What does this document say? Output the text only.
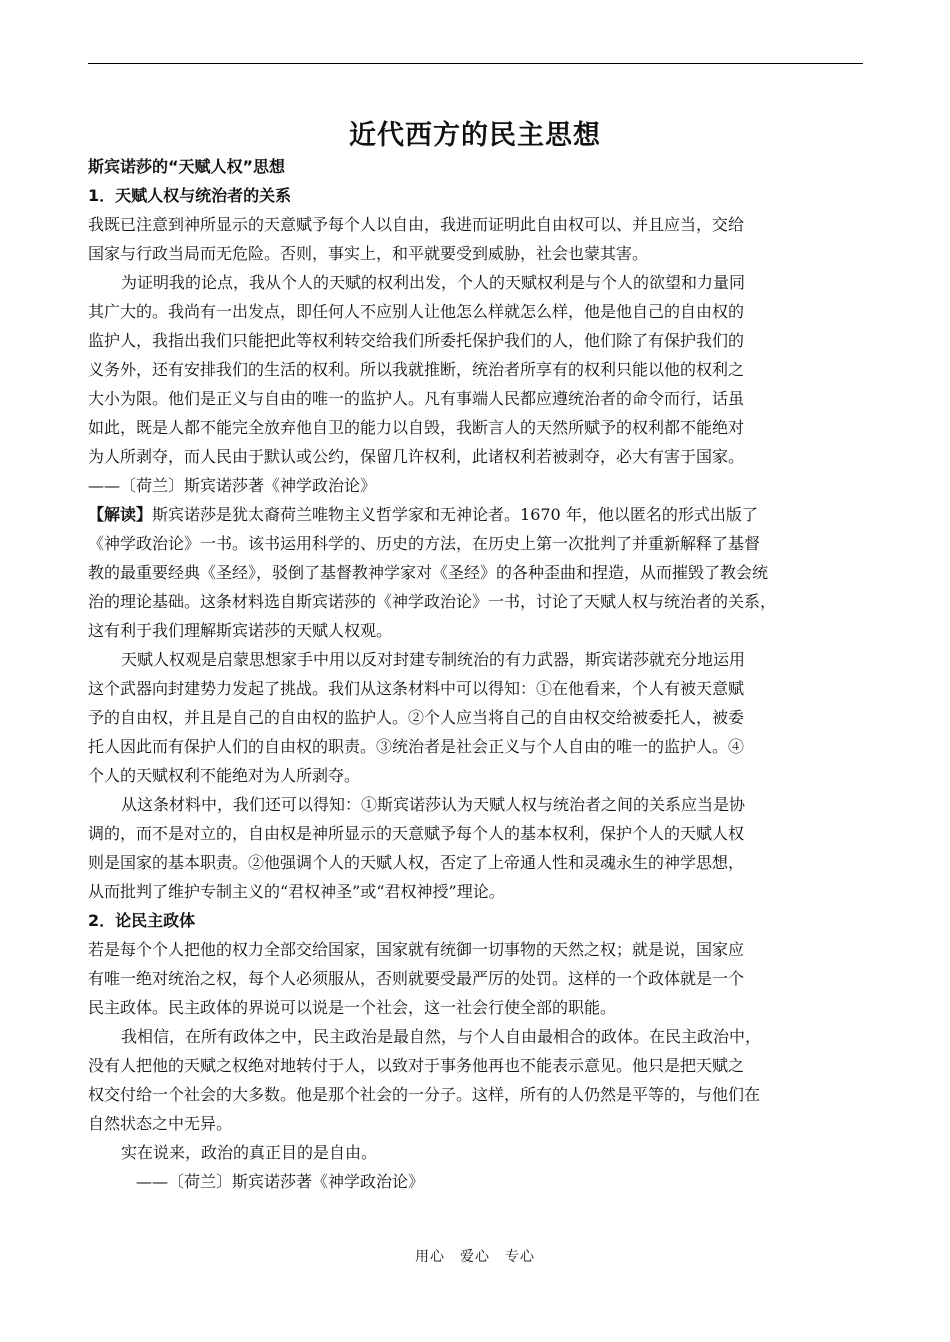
近代西方的民主思想
斯宾诺莎的“天赋人权”思想
1．天赋人权与统治者的关系
我既已注意到神所显示的天意赋予每个人以自由，我进而证明此自由权可以、并且应当，交给
国家与行政当局而无危险。否则，事实上，和平就要受到威胁，社会也蒙其害。
为证明我的论点，我从个人的天赋的权利出发，个人的天赋权利是与个人的欲望和力量同
其广大的。我尚有一出发点，即任何人不应别人让他怎么样就怎么样，他是他自己的自由权的
监护人，我指出我们只能把此等权利转交给我们所委托保护我们的人，他们除了有保护我们的
义务外，还有安排我们的生活的权利。所以我就推断，统治者所享有的权利只能以他的权利之
大小为限。他们是正义与自由的唯一的监护人。凡有事端人民都应遵统治者的命令而行，话虽
如此，既是人都不能完全放弃他自卫的能力以自毁，我断言人的天然所赋予的权利都不能绝对
为人所剥夺，而人民由于默认或公约，保留几许权利，此诸权利若被剥夺，必大有害于国家。
——〔荷兰〕斯宾诺莎著《神学政治论》
【解读】斯宾诺莎是犹太裔荷兰唯物主义哲学家和无神论者。1670 年，他以匿名的形式出版了
《神学政治论》一书。该书运用科学的、历史的方法，在历史上第一次批判了并重新解释了基督
教的最重要经典《圣经》，驳倒了基督教神学家对《圣经》的各种歪曲和捏造，从而摧毁了教会统
治的理论基础。这条材料选自斯宾诺莎的《神学政治论》一书，讨论了天赋人权与统治者的关系，
这有利于我们理解斯宾诺莎的天赋人权观。
天赋人权观是启蒙思想家手中用以反对封建专制统治的有力武器，斯宾诺莎就充分地运用
这个武器向封建势力发起了挑战。我们从这条材料中可以得知：①在他看来，个人有被天意赋
予的自由权，并且是自己的自由权的监护人。②个人应当将自己的自由权交给被委托人，被委
托人因此而有保护人们的自由权的职责。③统治者是社会正义与个人自由的唯一的监护人。④
个人的天赋权利不能绝对为人所剥夺。
从这条材料中，我们还可以得知：①斯宾诺莎认为天赋人权与统治者之间的关系应当是协
调的，而不是对立的，自由权是神所显示的天意赋予每个人的基本权利，保护个人的天赋人权
则是国家的基本职责。②他强调个人的天赋人权，否定了上帝通人性和灵魂永生的神学思想，
从而批判了维护专制主义的“君权神圣”或“君权神授”理论。
2．论民主政体
若是每个个人把他的权力全部交给国家，国家就有统御一切事物的天然之权；就是说，国家应
有唯一绝对统治之权，每个人必须服从，否则就要受最严厉的处罚。这样的一个政体就是一个
民主政体。民主政体的界说可以说是一个社会，这一社会行使全部的职能。
我相信，在所有政体之中，民主政治是最自然，与个人自由最相合的政体。在民主政治中，
没有人把他的天赋之权绝对地转付于人，以致对于事务他再也不能表示意见。他只是把天赋之
权交付给一个社会的大多数。他是那个社会的一分子。这样，所有的人仍然是平等的，与他们在
自然状态之中无异。
实在说来，政治的真正目的是自由。
——〔荷兰〕斯宾诺莎著《神学政治论》
用心　爱心　专心
